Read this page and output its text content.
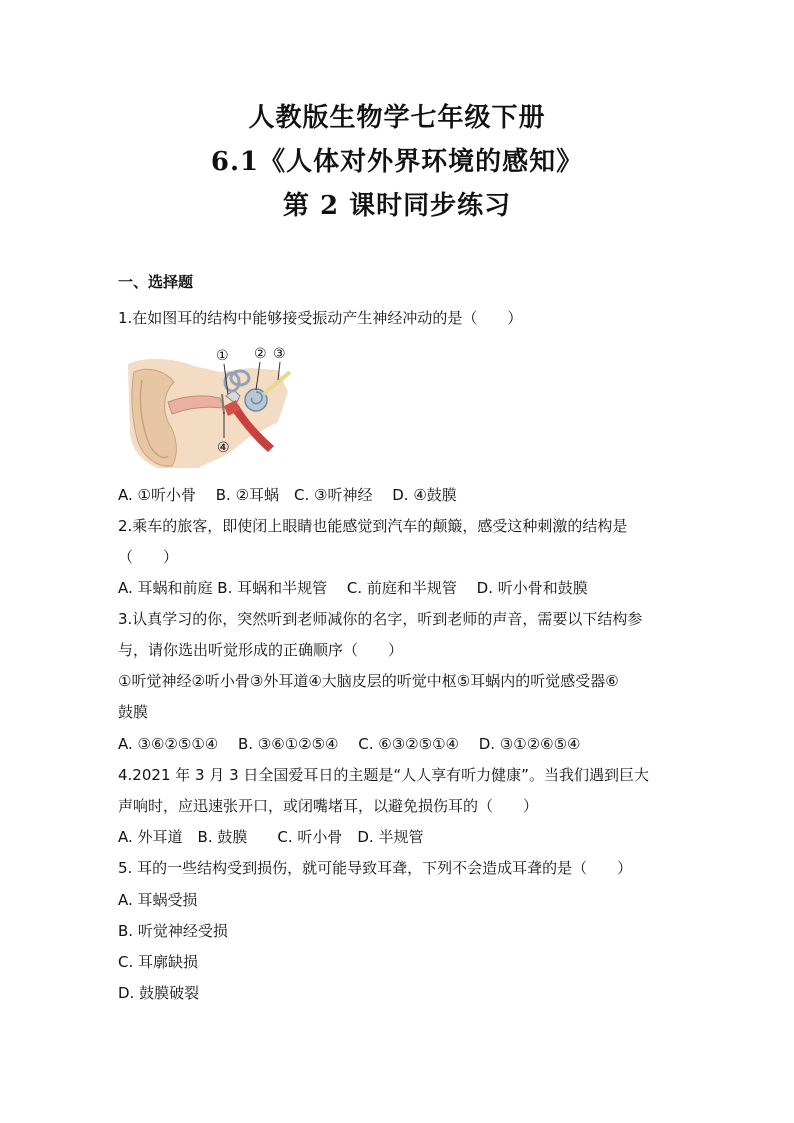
人教版生物学七年级下册
6.1《人体对外界环境的感知》
第 2 课时同步练习
一、选择题
1.在如图耳的结构中能够接受振动产生神经冲动的是（　　）
① ② ③
④
A. ①听小骨　 B. ②耳蜗　C. ③听神经　 D. ④鼓膜
2.乘车的旅客，即使闭上眼睛也能感觉到汽车的颠簸，感受这种刺激的结构是
（　　）
A. 耳蜗和前庭 B. 耳蜗和半规管　 C. 前庭和半规管　 D. 听小骨和鼓膜
3.认真学习的你，突然听到老师减你的名字，听到老师的声音，需要以下结构参
与，请你选出听觉形成的正确顺序（　　）
①听觉神经②听小骨③外耳道④大脑皮层的听觉中枢⑤耳蜗内的听觉感受器⑥
鼓膜
A. ③⑥②⑤①④　 B. ③⑥①②⑤④　 C. ⑥③②⑤①④　 D. ③①②⑥⑤④
4.2021 年 3 月 3 日全国爱耳日的主题是“人人享有听力健康”。当我们遇到巨大
声响时，应迅速张开口，或闭嘴堵耳，以避免损伤耳的（　　）
A. 外耳道　B. 鼓膜　　C. 听小骨　D. 半规管
5. 耳的一些结构受到损伤，就可能导致耳聋，下列不会造成耳聋的是（　　）
A. 耳蜗受损
B. 听觉神经受损
C. 耳廓缺损
D. 鼓膜破裂
